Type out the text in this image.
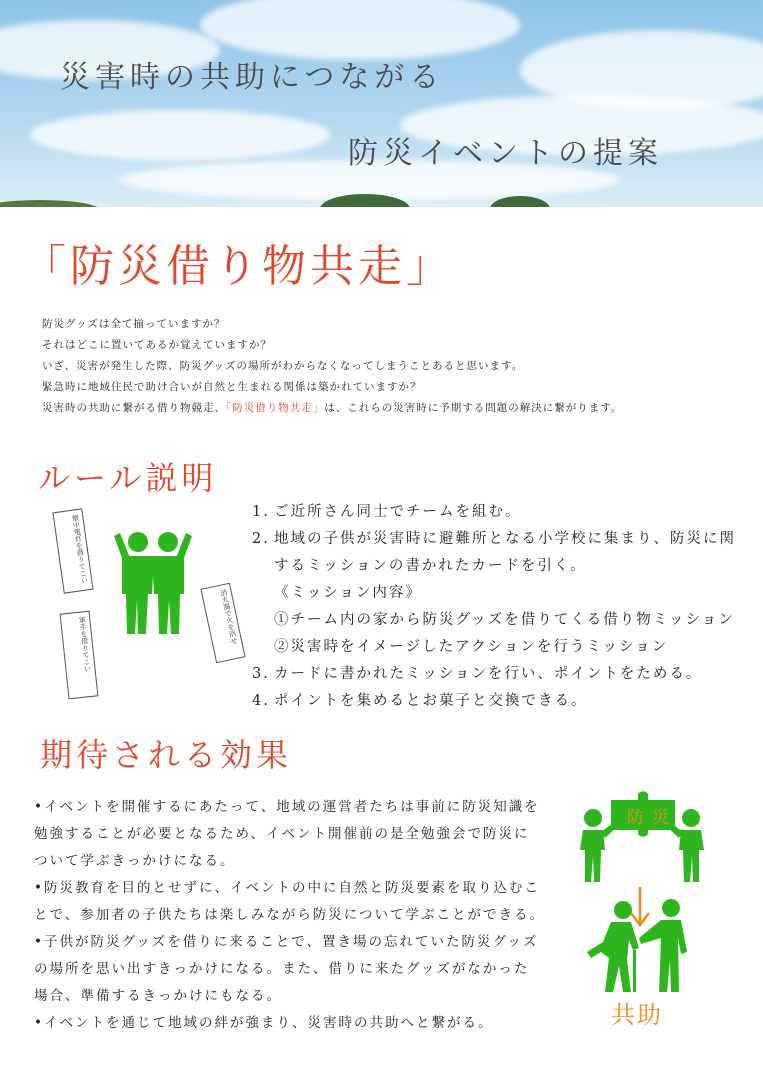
災害時の共助につながる
防災イベントの提案
「防災借り物共走」
防災グッズは全て揃っていますか？
それはどこに置いてあるか覚えていますか？
いざ、災害が発生した際、防災グッズの場所がわからなくなってしまうことあると思います。
緊急時に地域住民で助け合いが自然と生まれる関係は築かれていますか？
災害時の共助に繋がる借り物競走、「防災借り物共走」は、これらの災害時に予期する問題の解決に繋がります。
ルール説明
懐中電灯を借りてこい
軍手を借りてこい	消火器で火を消せ
1. ご近所さん同士でチームを組む。
2. 地域の子供が災害時に避難所となる小学校に集まり、防災に関
するミッションの書かれたカードを引く。
《ミッション内容》
①チーム内の家から防災グッズを借りてくる借り物ミッション
②災害時をイメージしたアクションを行うミッション
3. カードに書かれたミッションを行い、ポイントをためる。
4. ポイントを集めるとお菓子と交換できる。
期待される効果
•イベントを開催するにあたって、地域の運営者たちは事前に防災知識を
勉強することが必要となるため、イベント開催前の是全勉強会で防災に
ついて学ぶきっかけになる。
•防災教育を目的とせずに、イベントの中に自然と防災要素を取り込むこ
とで、参加者の子供たちは楽しみながら防災について学ぶことができる。
•子供が防災グッズを借りに来ることで、置き場の忘れていた防災グッズ
の場所を思い出すきっかけになる。また、借りに来たグッズがなかった
場合、準備するきっかけにもなる。
•イベントを通じて地域の絆が強まり、災害時の共助へと繋がる。
防 災
共助
